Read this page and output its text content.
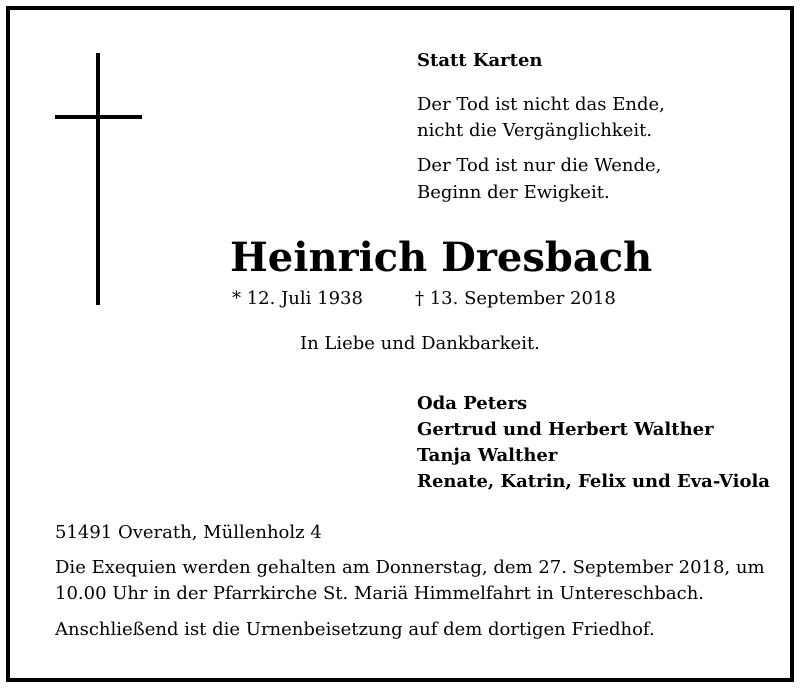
Statt Karten
Der Tod ist nicht das Ende,
nicht die Vergänglichkeit.
Der Tod ist nur die Wende,
Beginn der Ewigkeit.
Heinrich Dresbach
* 12. Juli 1938	† 13. September 2018
In Liebe und Dankbarkeit.
Oda Peters
Gertrud und Herbert Walther
Tanja Walther
Renate, Katrin, Felix und Eva-Viola
51491 Overath, Müllenholz 4
Die Exequien werden gehalten am Donnerstag, dem 27. September 2018, um
10.00 Uhr in der Pfarrkirche St. Mariä Himmelfahrt in Untereschbach.
Anschließend ist die Urnenbeisetzung auf dem dortigen Friedhof.
